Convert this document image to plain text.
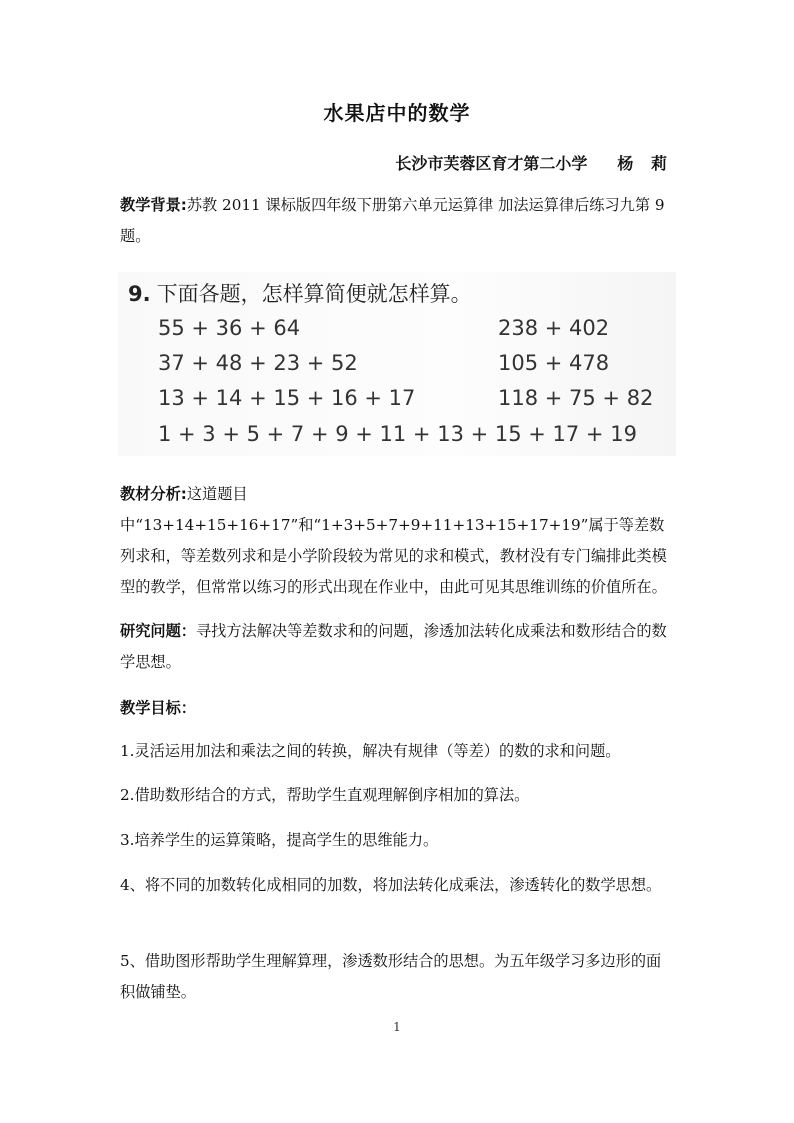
水果店中的数学
长沙市芙蓉区育才第二小学 杨 莉
教学背景:苏教 2011 课标版四年级下册第六单元运算律 加法运算律后练习九第 9 题。
9. 下面各题，怎样算简便就怎样算。
55 + 36 + 64
37 + 48 + 23 + 52
13 + 14 + 15 + 16 + 17
238 + 402
105 + 478
118 + 75 + 82
1 + 3 + 5 + 7 + 9 + 11 + 13 + 15 + 17 + 19
教材分析:这道题目中“13+14+15+16+17”和“1+3+5+7+9+11+13+15+17+19”属于等差数列求和，等差数列求和是小学阶段较为常见的求和模式，教材没有专门编排此类模型的教学，但常常以练习的形式出现在作业中，由此可见其思维训练的价值所在。
研究问题：寻找方法解决等差数求和的问题，渗透加法转化成乘法和数形结合的数学思想。
教学目标：
1.灵活运用加法和乘法之间的转换，解决有规律（等差）的数的求和问题。
2.借助数形结合的方式，帮助学生直观理解倒序相加的算法。
3.培养学生的运算策略，提高学生的思维能力。
4、将不同的加数转化成相同的加数，将加法转化成乘法，渗透转化的数学思想。
5、借助图形帮助学生理解算理，渗透数形结合的思想。为五年级学习多边形的面积做铺垫。
1
